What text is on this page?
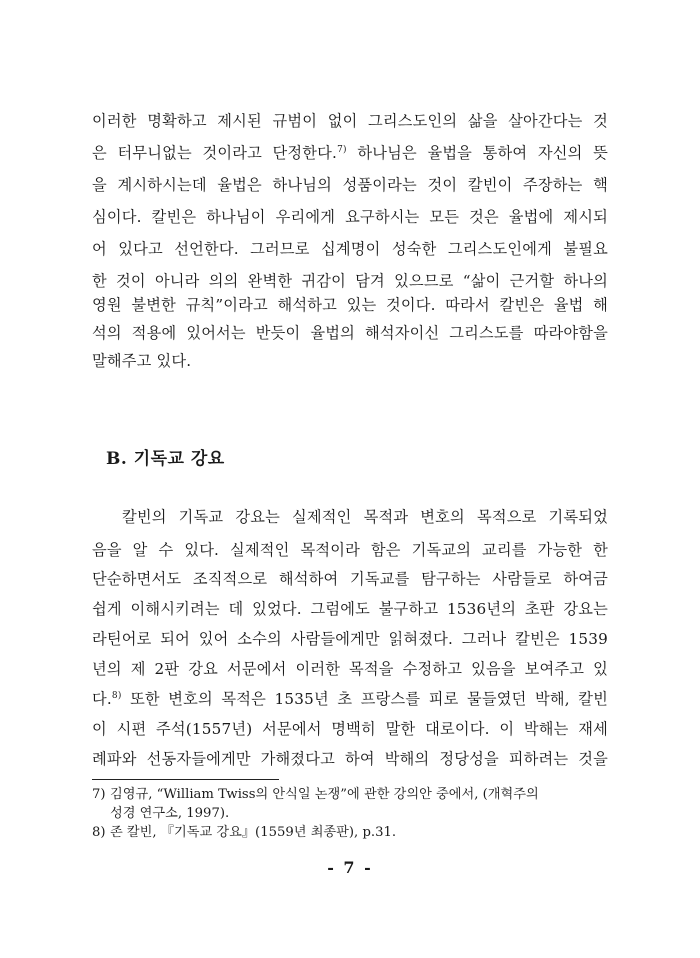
이러한 명확하고 제시된 규범이 없이 그리스도인의 삶을 살아간다는 것
은 터무니없는 것이라고 단정한다.$^{7)}$ 하나님은 율법을 통하여 자신의 뜻
을 계시하시는데 율법은 하나님의 성품이라는 것이 칼빈이 주장하는 핵
심이다. 칼빈은 하나님이 우리에게 요구하시는 모든 것은 율법에 제시되
어 있다고 선언한다. 그러므로 십계명이 성숙한 그리스도인에게 불필요
한 것이 아니라 의의 완벽한 귀감이 담겨 있으므로 “삶이 근거할 하나의
영원 불변한 규칙”이라고 해석하고 있는 것이다. 따라서 칼빈은 율법 해
석의 적용에 있어서는 반듯이 율법의 해석자이신 그리스도를 따라야함을
말해주고 있다.
B. 기독교 강요
칼빈의 기독교 강요는 실제적인 목적과 변호의 목적으로 기록되었
음을 알 수 있다. 실제적인 목적이라 함은 기독교의 교리를 가능한 한
단순하면서도 조직적으로 해석하여 기독교를 탐구하는 사람들로 하여금
쉽게 이해시키려는 데 있었다. 그럼에도 불구하고 1536년의 초판 강요는
라틴어로 되어 있어 소수의 사람들에게만 읽혀졌다. 그러나 칼빈은 1539
년의 제 2판 강요 서문에서 이러한 목적을 수정하고 있음을 보여주고 있
다.$^{8)}$ 또한 변호의 목적은 1535년 초 프랑스를 피로 물들였던 박해, 칼빈
이 시편 주석(1557년) 서문에서 명백히 말한 대로이다. 이 박해는 재세
례파와 선동자들에게만 가해졌다고 하여 박해의 정당성을 피하려는 것을
7) 김영규, “William Twiss의 안식일 논쟁”에 관한 강의안 중에서, (개혁주의
성경 연구소, 1997).
8) 존 칼빈, 『기독교 강요』(1559년 최종판), p.31.
- 7 -
